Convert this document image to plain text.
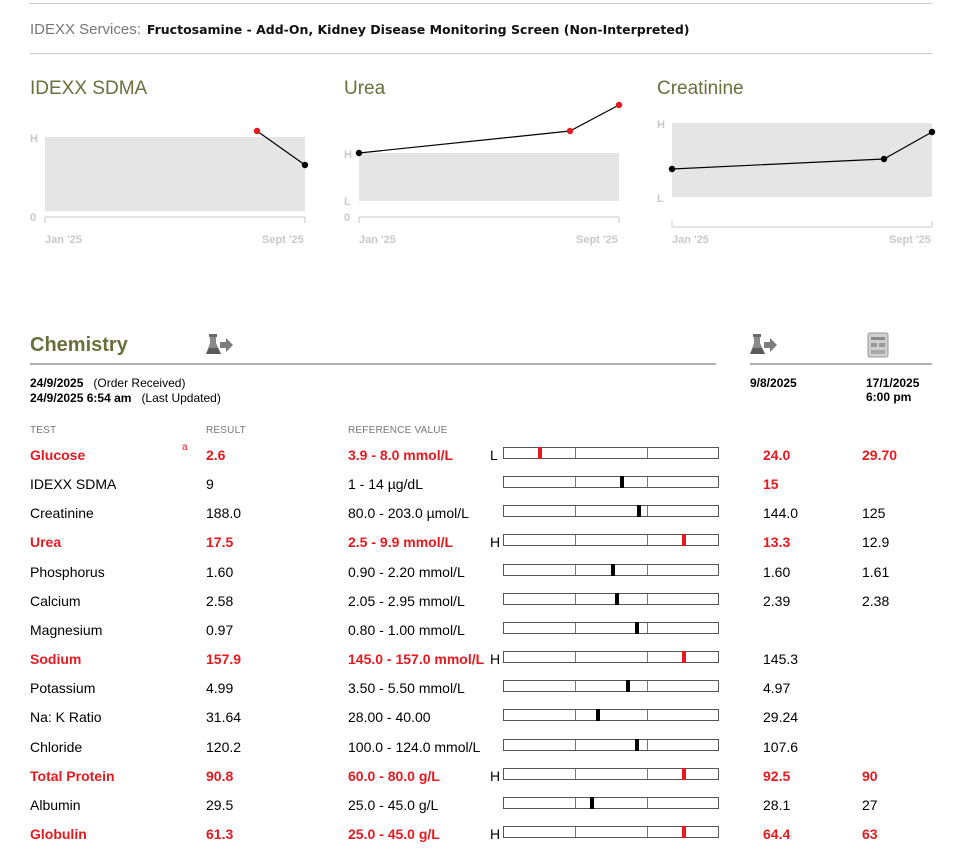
IDEXX Services: Fructosamine - Add-On, Kidney Disease Monitoring Screen (Non-Interpreted)
IDEXX SDMA
H
0
Jan '25	Sept '25
Urea
H
L
0
Jan '25	Sept '25
Creatinine
H
L
Jan '25	Sept '25
Chemistry
24/9/2025 (Order Received)
24/9/2025 6:54 am (Last Updated)
9/8/2025	17/1/2025
6:00 pm
TEST	RESULT	REFERENCE VALUE
Glucose	a 2.6	3.9 - 8.0 mmol/L	L	24.0	29.70
IDEXX SDMA	9	1 - 14 µg/dL	15
Creatinine	188.0	80.0 - 203.0 µmol/L	144.0	125
Urea	17.5	2.5 - 9.9 mmol/L	H	13.3	12.9
Phosphorus	1.60	0.90 - 2.20 mmol/L	1.60	1.61
Calcium	2.58	2.05 - 2.95 mmol/L	2.39	2.38
Magnesium	0.97	0.80 - 1.00 mmol/L
Sodium	157.9	145.0 - 157.0 mmol/L H	145.3
Potassium	4.99	3.50 - 5.50 mmol/L	4.97
Na: K Ratio	31.64	28.00 - 40.00	29.24
Chloride	120.2	100.0 - 124.0 mmol/L	107.6
Total Protein	90.8	60.0 - 80.0 g/L	H	92.5	90
Albumin	29.5	25.0 - 45.0 g/L	28.1	27
Globulin	61.3	25.0 - 45.0 g/L	H	64.4	63
